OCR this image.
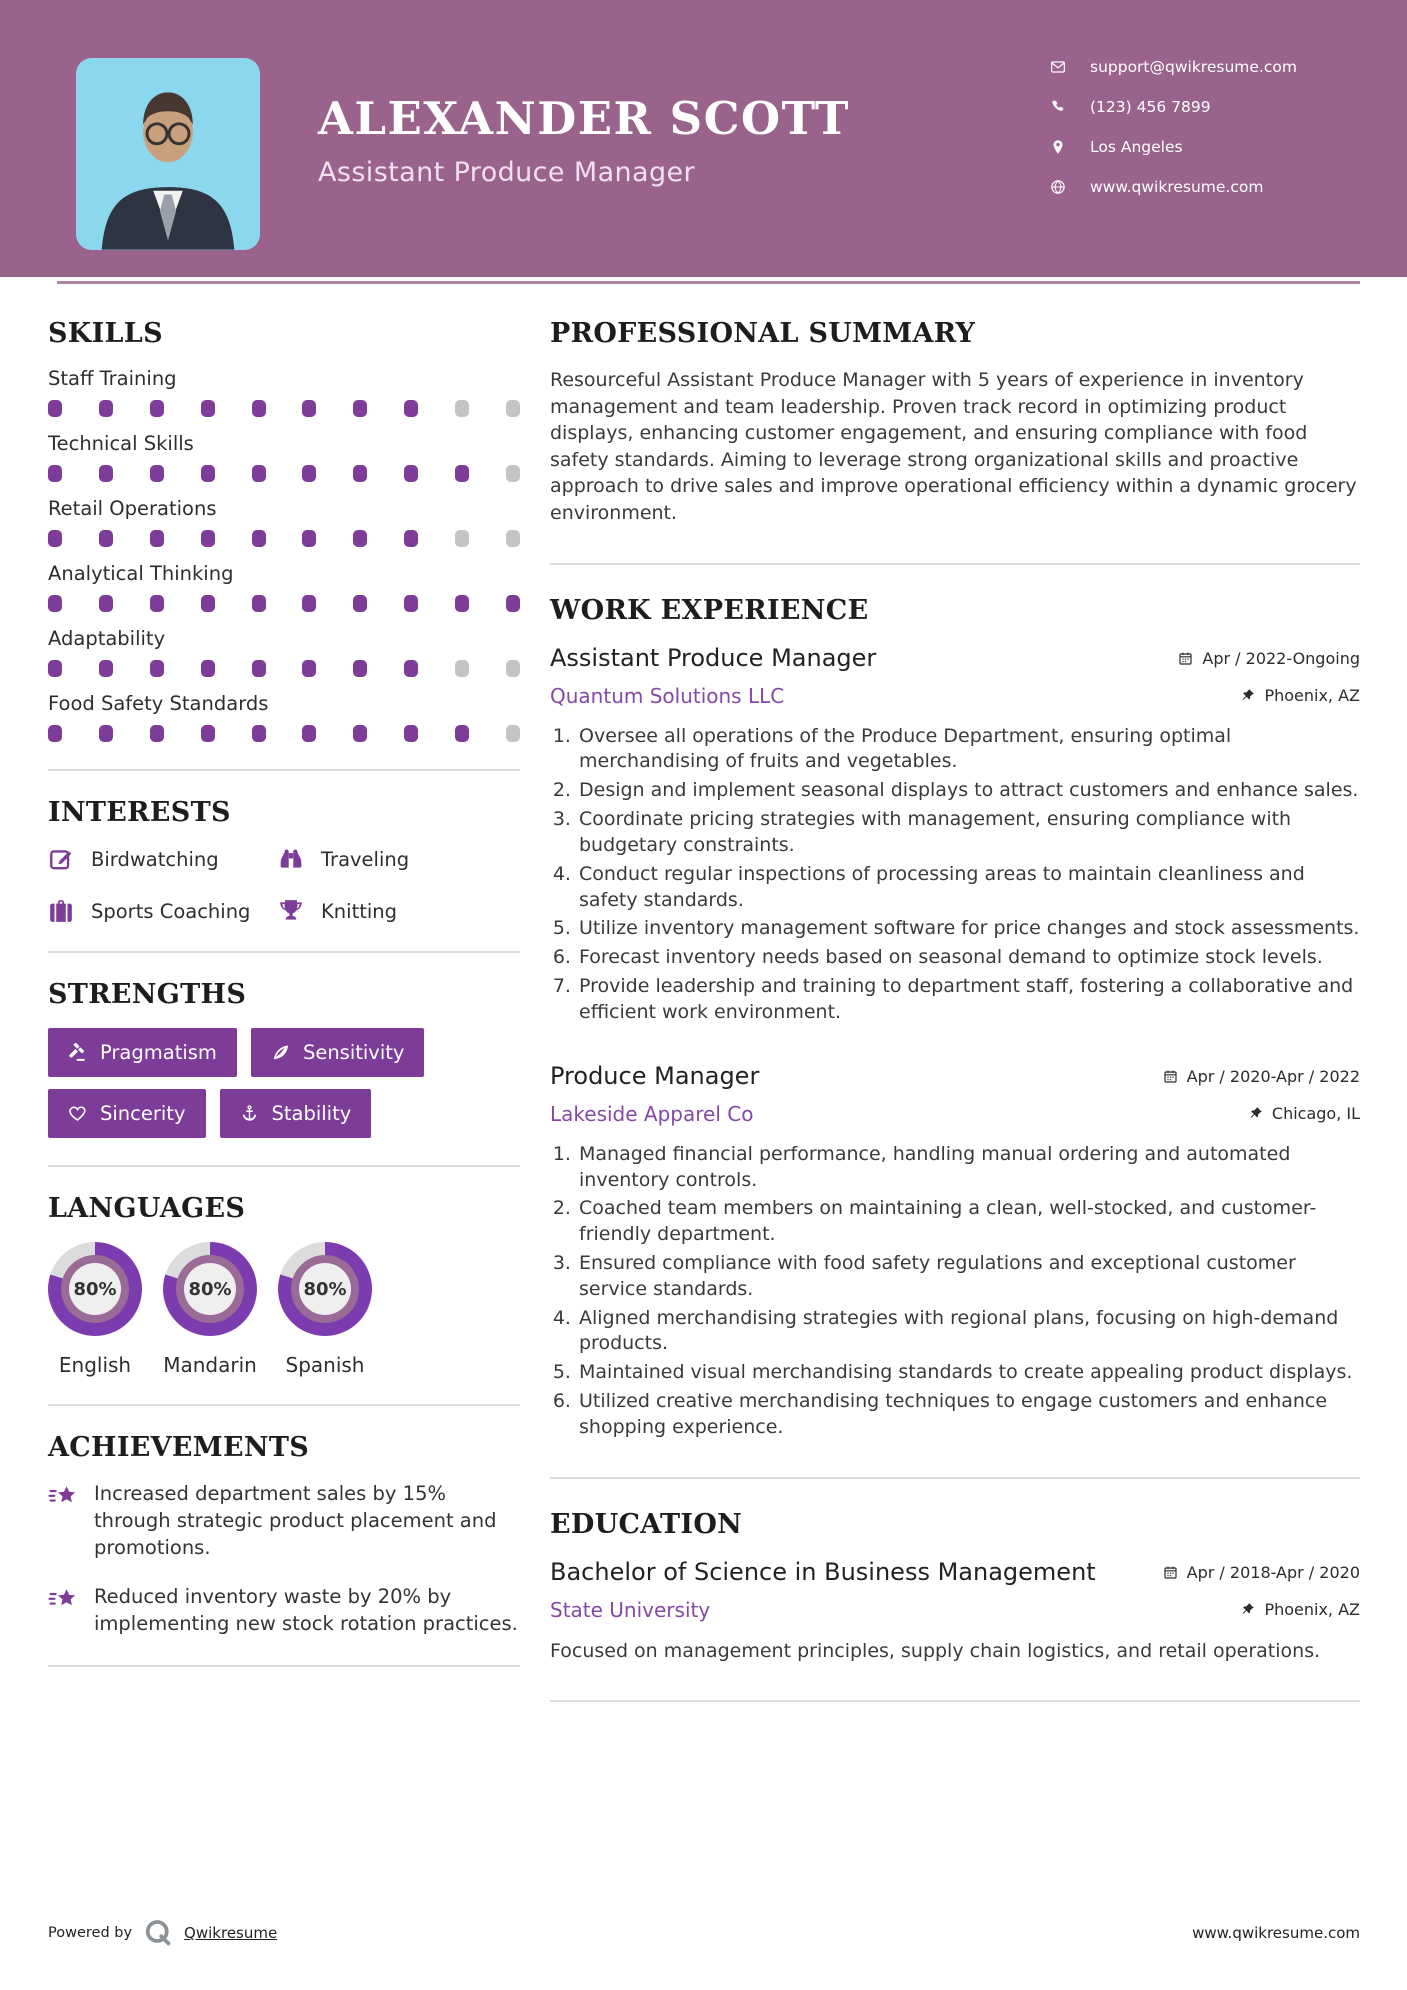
ALEXANDER SCOTT
Assistant Produce Manager
support@qwikresume.com
(123) 456 7899
Los Angeles
www.qwikresume.com
SKILLS
Staff Training
Technical Skills
Retail Operations
Analytical Thinking
Adaptability
Food Safety Standards
INTERESTS
Birdwatching	Traveling
Sports Coaching	Knitting
STRENGTHS
Pragmatism	Sensitivity
Sincerity	Stability
LANGUAGES
80%
English
80%
Mandarin
80%
Spanish
ACHIEVEMENTS
Increased department sales by 15% through strategic product placement and promotions.
Reduced inventory waste by 20% by implementing new stock rotation practices.
PROFESSIONAL SUMMARY

Resourceful Assistant Produce Manager with 5 years of experience in inventory management and team leadership. Proven track record in optimizing product displays, enhancing customer engagement, and ensuring compliance with food safety standards. Aiming to leverage strong organizational skills and proactive approach to drive sales and improve operational efficiency within a dynamic grocery environment.

WORK EXPERIENCE
Assistant Produce Manager	Apr / 2022-Ongoing
Quantum Solutions LLC	Phoenix, AZ
1. Oversee all operations of the Produce Department, ensuring optimal merchandising of fruits and vegetables.
2. Design and implement seasonal displays to attract customers and enhance sales.
3. Coordinate pricing strategies with management, ensuring compliance with budgetary constraints.
4. Conduct regular inspections of processing areas to maintain cleanliness and safety standards.
5. Utilize inventory management software for price changes and stock assessments.
6. Forecast inventory needs based on seasonal demand to optimize stock levels.
7. Provide leadership and training to department staff, fostering a collaborative and efficient work environment.
Produce Manager	Apr / 2020-Apr / 2022
Lakeside Apparel Co	Chicago, IL
1. Managed financial performance, handling manual ordering and automated inventory controls.
2. Coached team members on maintaining a clean, well-stocked, and customer-friendly department.
3. Ensured compliance with food safety regulations and exceptional customer service standards.
4. Aligned merchandising strategies with regional plans, focusing on high-demand products.
5. Maintained visual merchandising standards to create appealing product displays.
6. Utilized creative merchandising techniques to engage customers and enhance shopping experience.
EDUCATION
Bachelor of Science in Business Management	Apr / 2018-Apr / 2020
State University	Phoenix, AZ

Focused on management principles, supply chain logistics, and retail operations.

Powered by	Qwikresume	www.qwikresume.com
